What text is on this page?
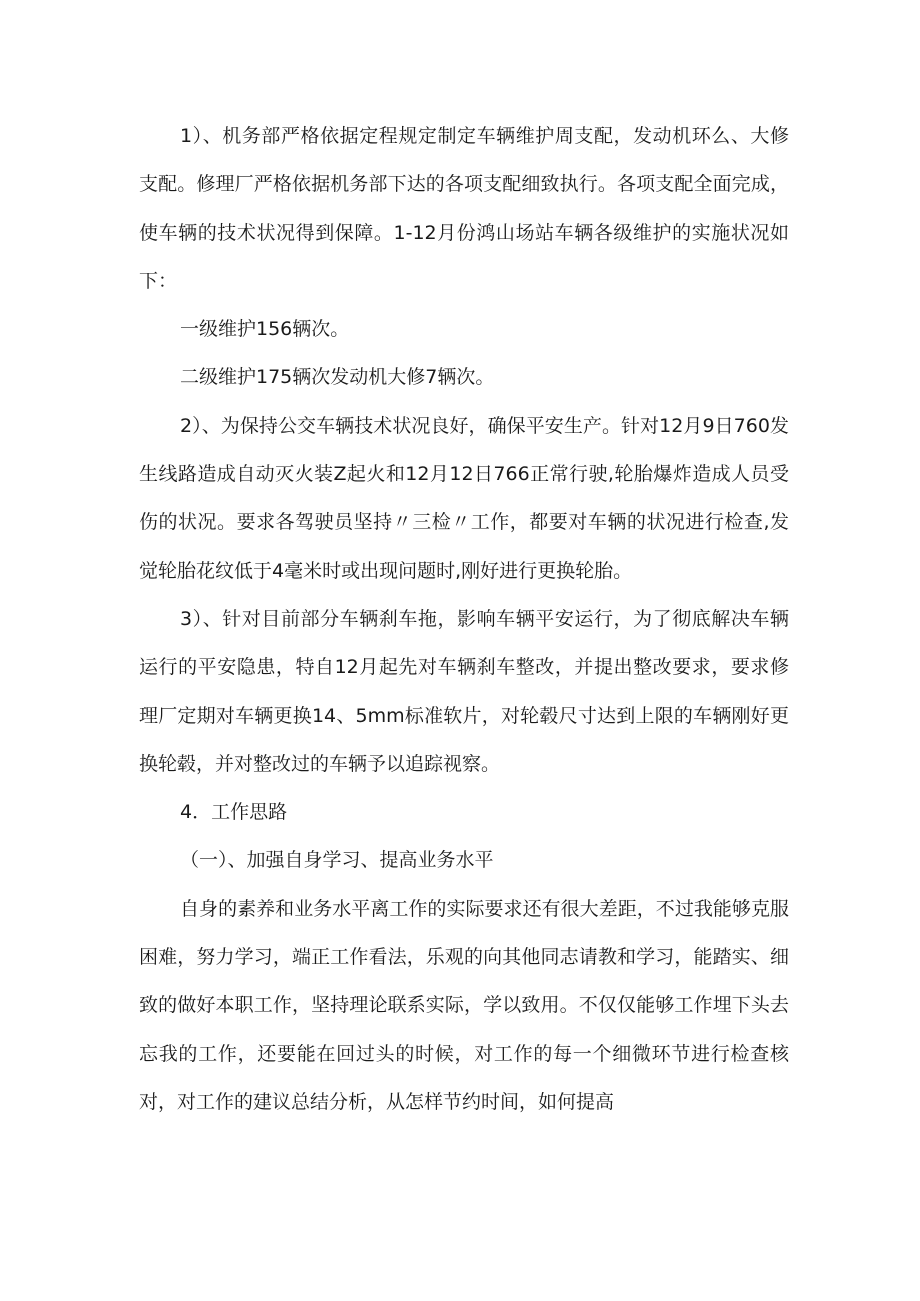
1）、机务部严格依据定程规定制定车辆维护周支配，发动机环么、大修支配。修理厂严格依据机务部下达的各项支配细致执行。各项支配全面完成，使车辆的技术状况得到保障。1-12月份鸿山场站车辆各级维护的实施状况如下：

一级维护156辆次。

二级维护175辆次发动机大修7辆次。

2）、为保持公交车辆技术状况良好，确保平安生产。针对12月9日760发生线路造成自动灭火装Z起火和12月12日766正常行驶,轮胎爆炸造成人员受伤的状况。要求各驾驶员坚持〃三检〃工作，都要对车辆的状况进行检查,发觉轮胎花纹低于4毫米时或出现问题时,刚好进行更换轮胎。

3）、针对目前部分车辆刹车拖，影响车辆平安运行，为了彻底解决车辆运行的平安隐患，特自12月起先对车辆刹车整改，并提出整改要求，要求修理厂定期对车辆更换14、5mm标准软片，对轮毂尺寸达到上限的车辆刚好更换轮毂，并对整改过的车辆予以追踪视察。

4．工作思路

（一）、加强自身学习、提高业务水平

自身的素养和业务水平离工作的实际要求还有很大差距，不过我能够克服困难，努力学习，端正工作看法，乐观的向其他同志请教和学习，能踏实、细致的做好本职工作，坚持理论联系实际，学以致用。不仅仅能够工作埋下头去忘我的工作，还要能在回过头的时候，对工作的每一个细微环节进行检查核对，对工作的建议总结分析，从怎样节约时间，如何提高
